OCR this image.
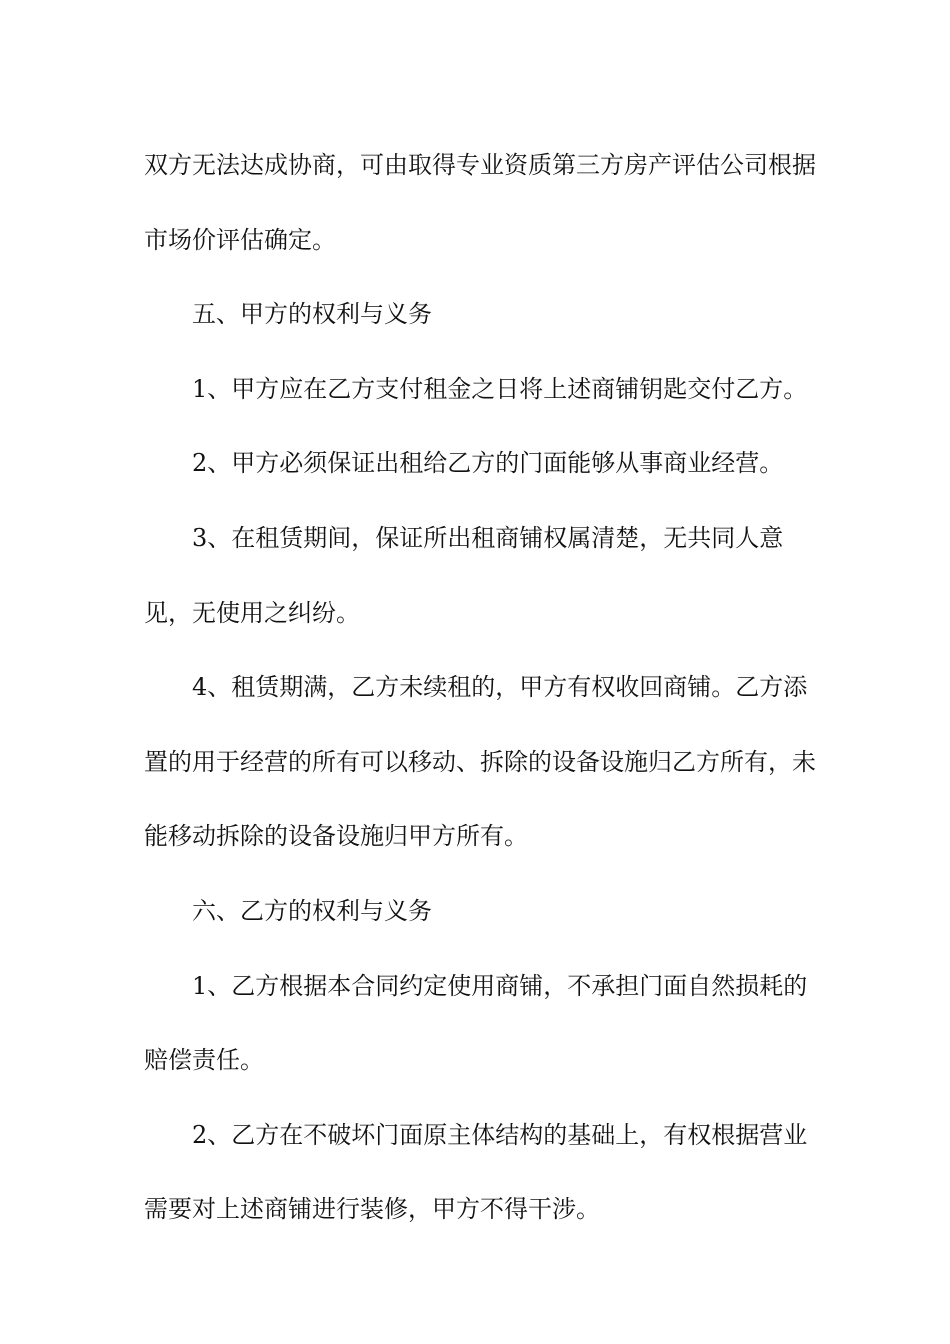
双方无法达成协商，可由取得专业资质第三方房产评估公司根据市场价评估确定。

五、甲方的权利与义务

1、甲方应在乙方支付租金之日将上述商铺钥匙交付乙方。

2、甲方必须保证出租给乙方的门面能够从事商业经营。

3、在租赁期间，保证所出租商铺权属清楚，无共同人意见，无使用之纠纷。

4、租赁期满，乙方未续租的，甲方有权收回商铺。乙方添置的用于经营的所有可以移动、拆除的设备设施归乙方所有，未能移动拆除的设备设施归甲方所有。

六、乙方的权利与义务

1、乙方根据本合同约定使用商铺，不承担门面自然损耗的赔偿责任。

2、乙方在不破坏门面原主体结构的基础上，有权根据营业需要对上述商铺进行装修，甲方不得干涉。
